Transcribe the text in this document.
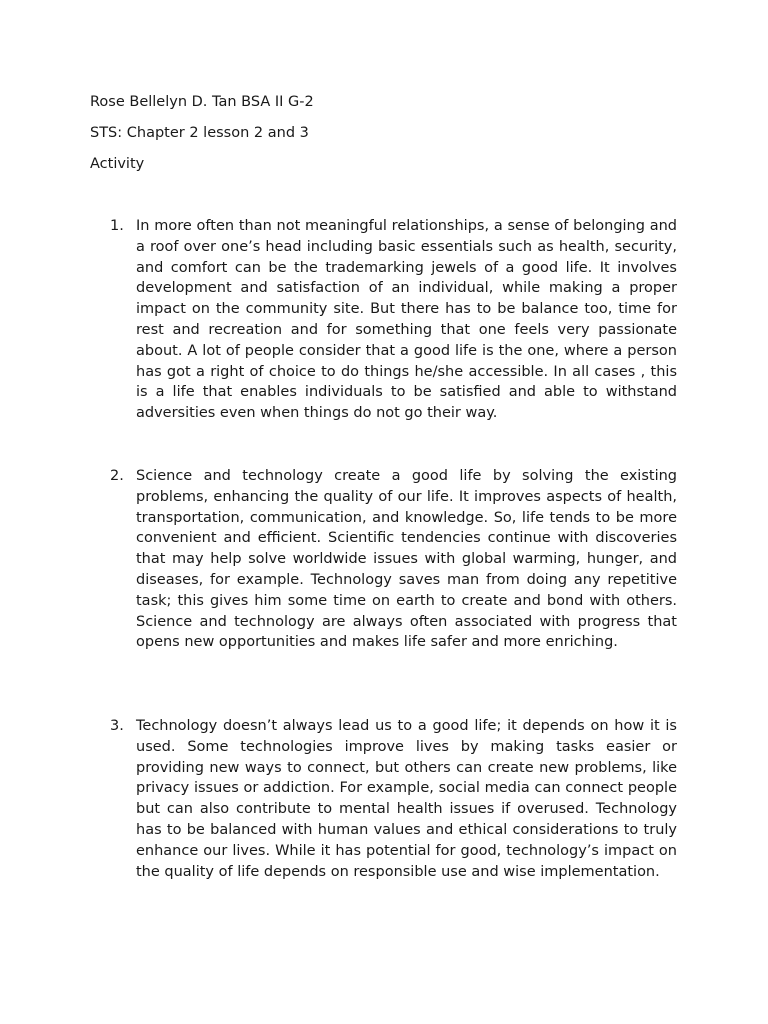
Rose Bellelyn D. Tan BSA II G-2

STS: Chapter 2 lesson 2 and 3

Activity

1. In more often than not meaningful relationships, a sense of belonging and a roof over one’s head including basic essentials such as health, security, and comfort can be the trademarking jewels of a good life. It involves development and satisfaction of an individual, while making a proper impact on the community site. But there has to be balance too, time for rest and recreation and for something that one feels very passionate about. A lot of people consider that a good life is the one, where a person has got a right of choice to do things he/she accessible. In all cases , this is a life that enables individuals to be satisfied and able to withstand adversities even when things do not go their way.

2. Science and technology create a good life by solving the existing problems, enhancing the quality of our life. It improves aspects of health, transportation, communication, and knowledge. So, life tends to be more convenient and efficient. Scientific tendencies continue with discoveries that may help solve worldwide issues with global warming, hunger, and diseases, for example. Technology saves man from doing any repetitive task; this gives him some time on earth to create and bond with others. Science and technology are always often associated with progress that opens new opportunities and makes life safer and more enriching.

3. Technology doesn’t always lead us to a good life; it depends on how it is used. Some technologies improve lives by making tasks easier or providing new ways to connect, but others can create new problems, like privacy issues or addiction. For example, social media can connect people but can also contribute to mental health issues if overused. Technology has to be balanced with human values and ethical considerations to truly enhance our lives. While it has potential for good, technology’s impact on the quality of life depends on responsible use and wise implementation.
